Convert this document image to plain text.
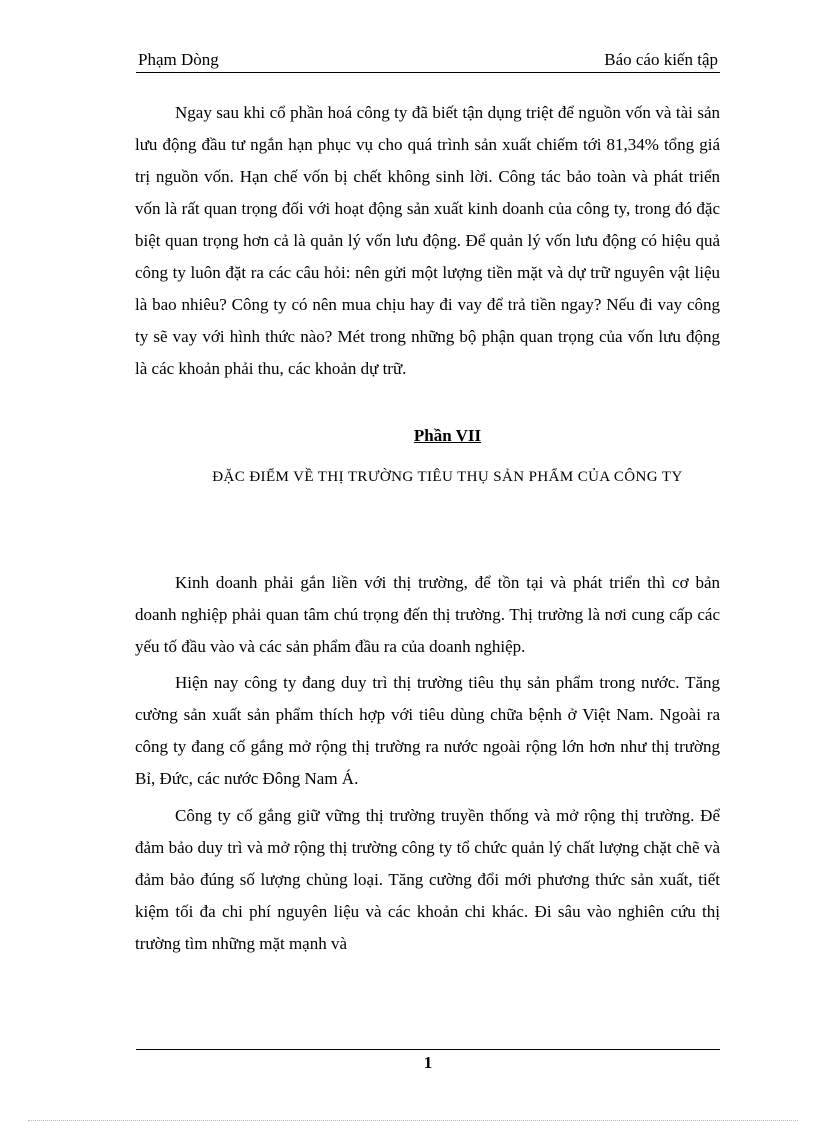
Phạm Dòng	Báo cáo kiến tập

Ngay sau khi cổ phần hoá công ty đã biết tận dụng triệt để nguồn vốn và tài sản lưu động đầu tư ngắn hạn phục vụ cho quá trình sản xuất chiếm tới 81,34% tổng giá trị nguồn vốn. Hạn chế vốn bị chết không sinh lời. Công tác bảo toàn và phát triển vốn là rất quan trọng đối với hoạt động sản xuất kinh doanh của công ty, trong đó đặc biệt quan trọng hơn cả là quản lý vốn lưu động. Để quản lý vốn lưu động có hiệu quả công ty luôn đặt ra các câu hỏi: nên gửi một lượng tiền mặt và dự trữ nguyên vật liệu là bao nhiêu? Công ty có nên mua chịu hay đi vay để trả tiền ngay? Nếu đi vay công ty sẽ vay với hình thức nào? Mét trong những bộ phận quan trọng của vốn lưu động là các khoản phải thu, các khoản dự trữ.

Phần VII
ĐẶC ĐIỂM VỀ THỊ TRƯỜNG TIÊU THỤ SẢN PHẨM CỦA CÔNG TY

Kinh doanh phải gắn liền với thị trường, để tồn tại và phát triển thì cơ bản doanh nghiệp phải quan tâm chú trọng đến thị trường. Thị trường là nơi cung cấp các yếu tố đầu vào và các sản phẩm đầu ra của doanh nghiệp.

Hiện nay công ty đang duy trì thị trường tiêu thụ sản phẩm trong nước. Tăng cường sản xuất sản phẩm thích hợp với tiêu dùng chữa bệnh ở Việt Nam. Ngoài ra công ty đang cố gắng mở rộng thị trường ra nước ngoài rộng lớn hơn như thị trường Bỉ, Đức, các nước Đông Nam Á.

Công ty cố gắng giữ vững thị trường truyền thống và mở rộng thị trường. Để đảm bảo duy trì và mở rộng thị trường công ty tổ chức quản lý chất lượng chặt chẽ và đảm bảo đúng số lượng chủng loại. Tăng cường đổi mới phương thức sản xuất, tiết kiệm tối đa chi phí nguyên liệu và các khoản chi khác. Đi sâu vào nghiên cứu thị trường tìm những mặt mạnh và

1
